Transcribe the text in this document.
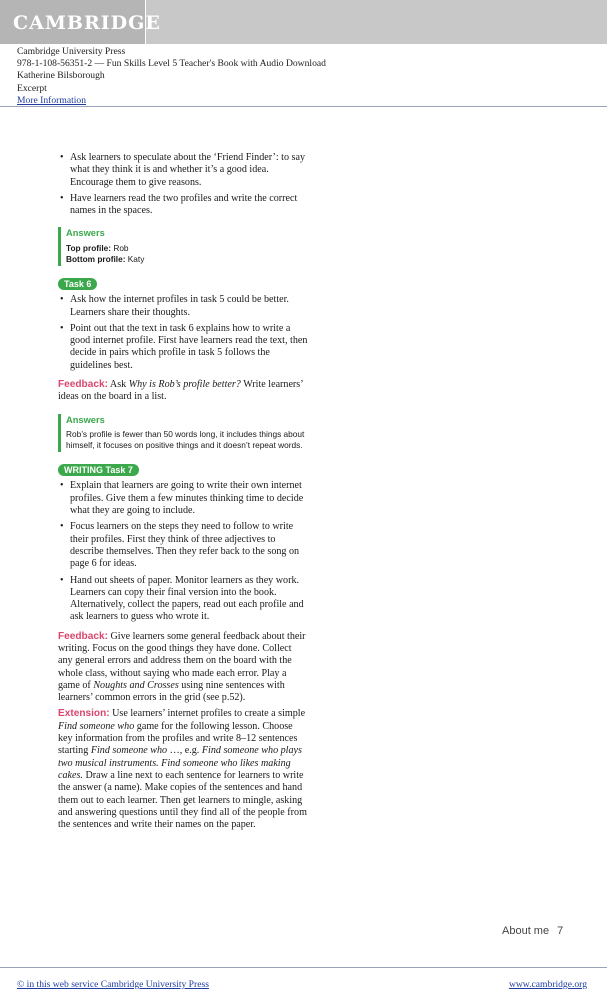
CAMBRIDGE
Cambridge University Press
978-1-108-56351-2 — Fun Skills Level 5 Teacher's Book with Audio Download
Katherine Bilsborough
Excerpt
More Information
• Ask learners to speculate about the ‘Friend Finder’: to say what they think it is and whether it’s a good idea. Encourage them to give reasons.
• Have learners read the two profiles and write the correct names in the spaces.
Answers
Top profile: Rob
Bottom profile: Katy
Task 6
• Ask how the internet profiles in task 5 could be better. Learners share their thoughts.
• Point out that the text in task 6 explains how to write a good internet profile. First have learners read the text, then decide in pairs which profile in task 5 follows the guidelines best.
Feedback: Ask Why is Rob’s profile better? Write learners’ ideas on the board in a list.
Answers
Rob’s profile is fewer than 50 words long, it includes things about himself, it focuses on positive things and it doesn’t repeat words.
WRITING Task 7
• Explain that learners are going to write their own internet profiles. Give them a few minutes thinking time to decide what they are going to include.
• Focus learners on the steps they need to follow to write their profiles. First they think of three adjectives to describe themselves. Then they refer back to the song on page 6 for ideas.
• Hand out sheets of paper. Monitor learners as they work. Learners can copy their final version into the book. Alternatively, collect the papers, read out each profile and ask learners to guess who wrote it.
Feedback: Give learners some general feedback about their writing. Focus on the good things they have done. Collect any general errors and address them on the board with the whole class, without saying who made each error. Play a game of Noughts and Crosses using nine sentences with learners’ common errors in the grid (see p.52).
Extension: Use learners’ internet profiles to create a simple Find someone who game for the following lesson. Choose key information from the profiles and write 8–12 sentences starting Find someone who …, e.g. Find someone who plays two musical instruments. Find someone who likes making cakes. Draw a line next to each sentence for learners to write the answer (a name). Make copies of the sentences and hand them out to each learner. Then get learners to mingle, asking and answering questions until they find all of the people from the sentences and write their names on the paper.
About me 7
© in this web service Cambridge University Press	www.cambridge.org
